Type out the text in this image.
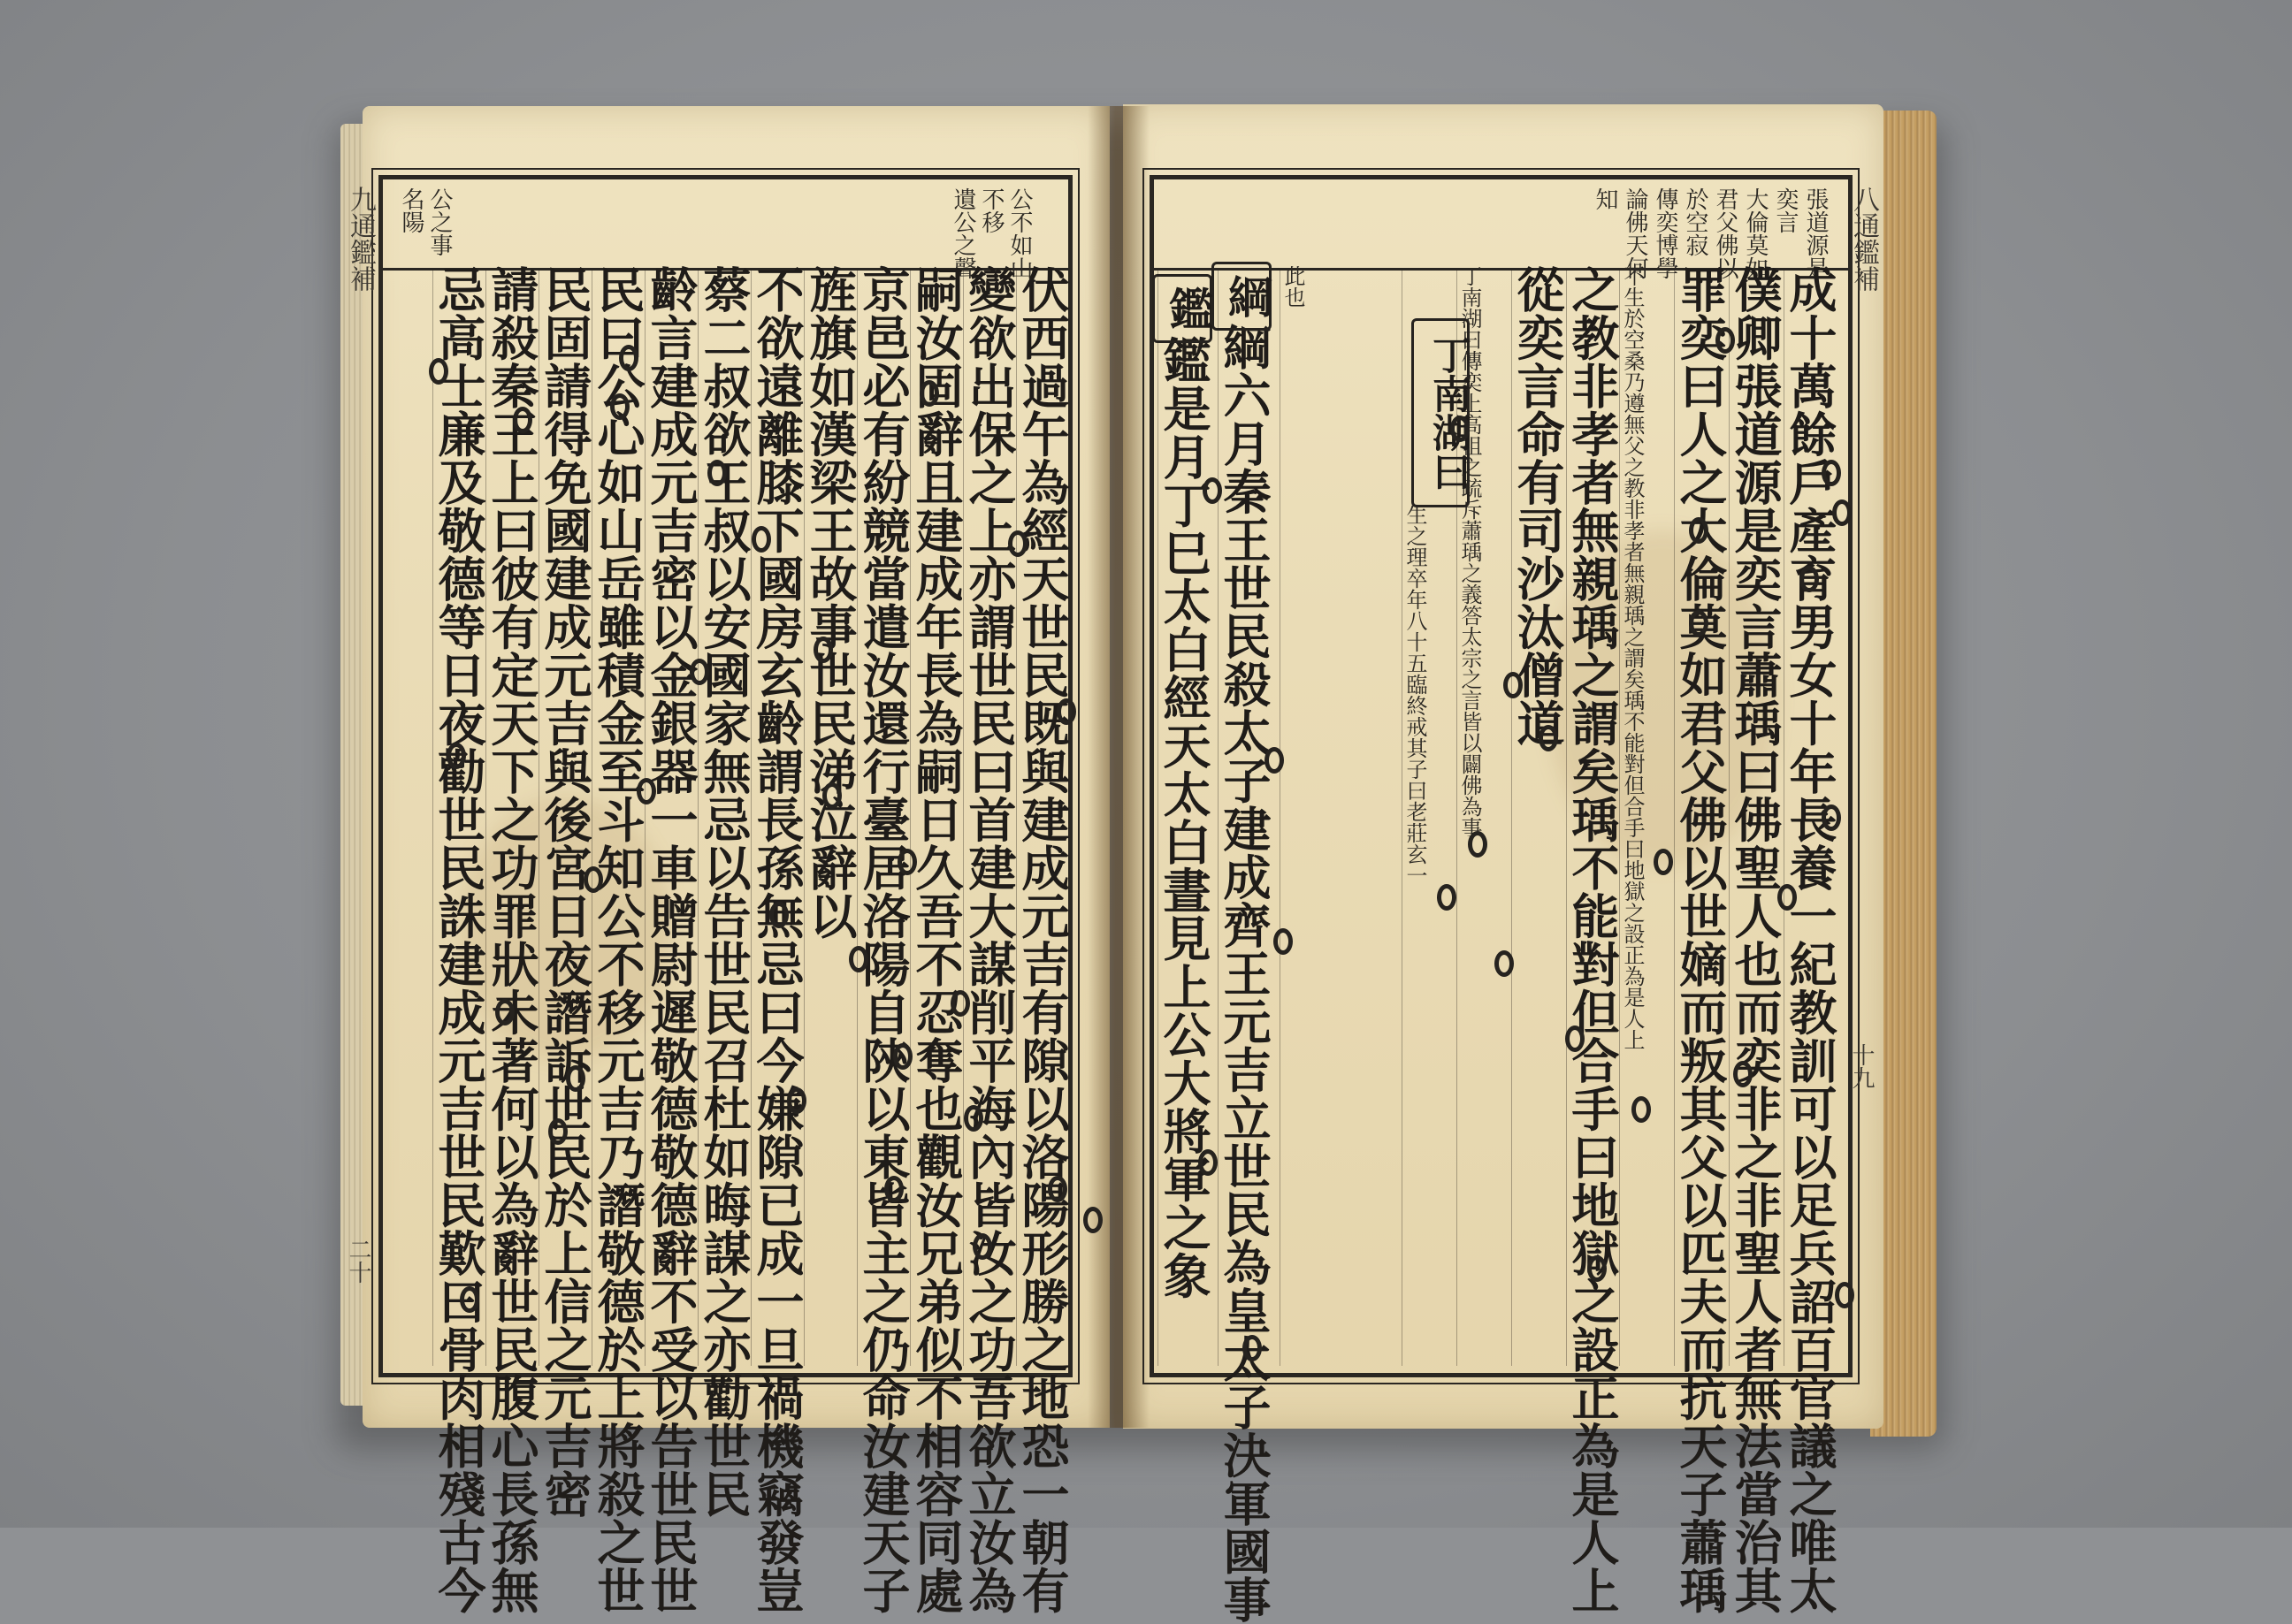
九通鑑補
二十
八通鑑補
十九
公不如山
不移
遺公之聲
公之事
名陽	張道源是
奕言
大倫莫如
君父佛以
於空寂
傳奕博學
論佛天何
知
伏西過午為經天世民既與建成元吉有隙以洛陽形勝之地恐一朝有
變欲出保之上亦謂世民曰首建大謀削平海內皆汝之功吾欲立汝為
嗣汝固辭且建成年長為嗣日久吾不忍奪也觀汝兄弟似不相容同處
京邑必有紛競當遣汝還行臺居洛陽自陝以東皆主之仍命汝建天子
旌旗如漢梁王故事世民涕泣辭以
不欲遠離膝下國房玄齡謂長孫無忌曰今嫌隙已成一旦禍機竊發豈
蔡二叔欲王叔以安國家無忌以告世民召杜如晦謀之亦勸世民
齡言建成元吉密以金銀器一車贈尉遲敬德敬德辭不受以告世民世
民曰公心如山岳雖積金至斗知公不移元吉乃譖敬德於上將殺之世
民固請得免國建成元吉與後宮日夜譖訴世民於上信之元吉密
請殺秦王上曰彼有定天下之功罪狀未著何以為辭世民腹心長孫無
忌高士廉及敬德等日夜勸世民誅建成元吉世民歎曰骨肉相殘古今	成十萬餘戶產育男女十年長養一紀教訓可以足兵詔百官議之唯太
僕卿張道源是奕言蕭瑀曰佛聖人也而奕非之非聖人者無法當治其
罪奕曰人之大倫莫如君父佛以世嫡而叛其父以匹夫而抗天子蕭瑀
不生於空桑乃遵無父之教非孝者無親瑀之謂矣瑀不能對但合手曰地獄之設正為是人上
之教非孝者無親瑀之謂矣瑀不能對但合手曰地獄之設正為是人上
從奕言命有司沙汰僧道
丁南湖曰傳奕上高祖之疏斥蕭瑀之義答太宗之言皆以闢佛為事
生之理卒年八十五臨終戒其子曰老莊玄一
此也
綱六月秦王世民殺太子建成齊王元吉立世民為皇太子決軍國事
鑑是月丁巳太白經天太白晝見上公大將軍之象
綱
鑑
丁南湖曰
